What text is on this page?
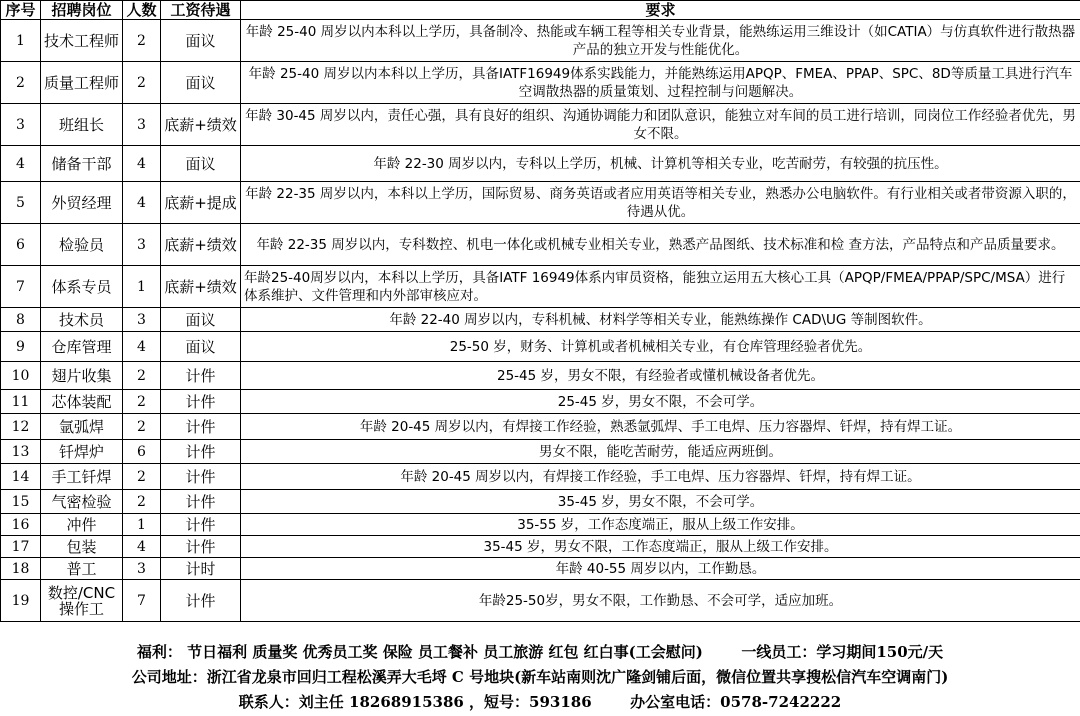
序号	招聘岗位	人数	工资待遇	要求
1	技术工程师	2	面议	年龄 25-40 周岁以内本科以上学历，具备制冷、热能或车辆工程等相关专业背景，能熟练运用三维设计（如CATIA）与仿真软件进行散热器产品的独立开发与性能优化。
2	质量工程师	2	面议	年龄 25-40 周岁以内本科以上学历，具备IATF16949体系实践能力，并能熟练运用APQP、FMEA、PPAP、SPC、8D等质量工具进行汽车空调散热器的质量策划、过程控制与问题解决。
3	班组长	3	底薪+绩效	年龄 30-45 周岁以内，责任心强，具有良好的组织、沟通协调能力和团队意识，能独立对车间的员工进行培训，同岗位工作经验者优先，男女不限。
4	储备干部	4	面议	年龄 22-30 周岁以内，专科以上学历，机械、计算机等相关专业，吃苦耐劳，有较强的抗压性。
5	外贸经理	4	底薪+提成	年龄 22-35 周岁以内，本科以上学历，国际贸易、商务英语或者应用英语等相关专业，熟悉办公电脑软件。有行业相关或者带资源入职的，待遇从优。
6	检验员	3	底薪+绩效	年龄 22-35 周岁以内，专科数控、机电一体化或机械专业相关专业，熟悉产品图纸、技术标准和检 查方法，产品特点和产品质量要求。
7	体系专员	1	底薪+绩效	年龄25-40周岁以内，本科以上学历，具备IATF 16949体系内审员资格，能独立运用五大核心工具（APQP/FMEA/PPAP/SPC/MSA）进行体系维护、文件管理和内外部审核应对。
8	技术员	3	面议	年龄 22-40 周岁以内，专科机械、材料学等相关专业，能熟练操作 CAD\UG 等制图软件。
9	仓库管理	4	面议	25-50 岁，财务、计算机或者机械相关专业，有仓库管理经验者优先。
10	翅片收集	2	计件	25-45 岁，男女不限，有经验者或懂机械设备者优先。
11	芯体装配	2	计件	25-45 岁，男女不限，不会可学。
12	氩弧焊	2	计件	年龄 20-45 周岁以内，有焊接工作经验，熟悉氩弧焊、手工电焊、压力容器焊、钎焊，持有焊工证。
13	钎焊炉	6	计件	男女不限，能吃苦耐劳，能适应两班倒。
14	手工钎焊	2	计件	年龄 20-45 周岁以内，有焊接工作经验，手工电焊、压力容器焊、钎焊，持有焊工证。
15	气密检验	2	计件	35-45 岁，男女不限，不会可学。
16	冲件	1	计件	35-55 岁，工作态度端正，服从上级工作安排。
17	包装	4	计件	35-45 岁，男女不限，工作态度端正，服从上级工作安排。
18	普工	3	计时	年龄 40-55 周岁以内，工作勤恳。
19	数控/CNC操作工	7	计件	年龄25-50岁，男女不限，工作勤恳、不会可学，适应加班。
福利： 节日福利 质量奖 优秀员工奖 保险 员工餐补 员工旅游 红包 红白事(工会慰问)	一线员工：学习期间150元/天
公司地址：浙江省龙泉市回归工程松溪弄大毛埒 C 号地块(新车站南则沈广隆剑铺后面，微信位置共享搜松信汽车空调南门)
联系人：刘主任 18268915386 ，短号：593186	办公室电话：0578-7242222
